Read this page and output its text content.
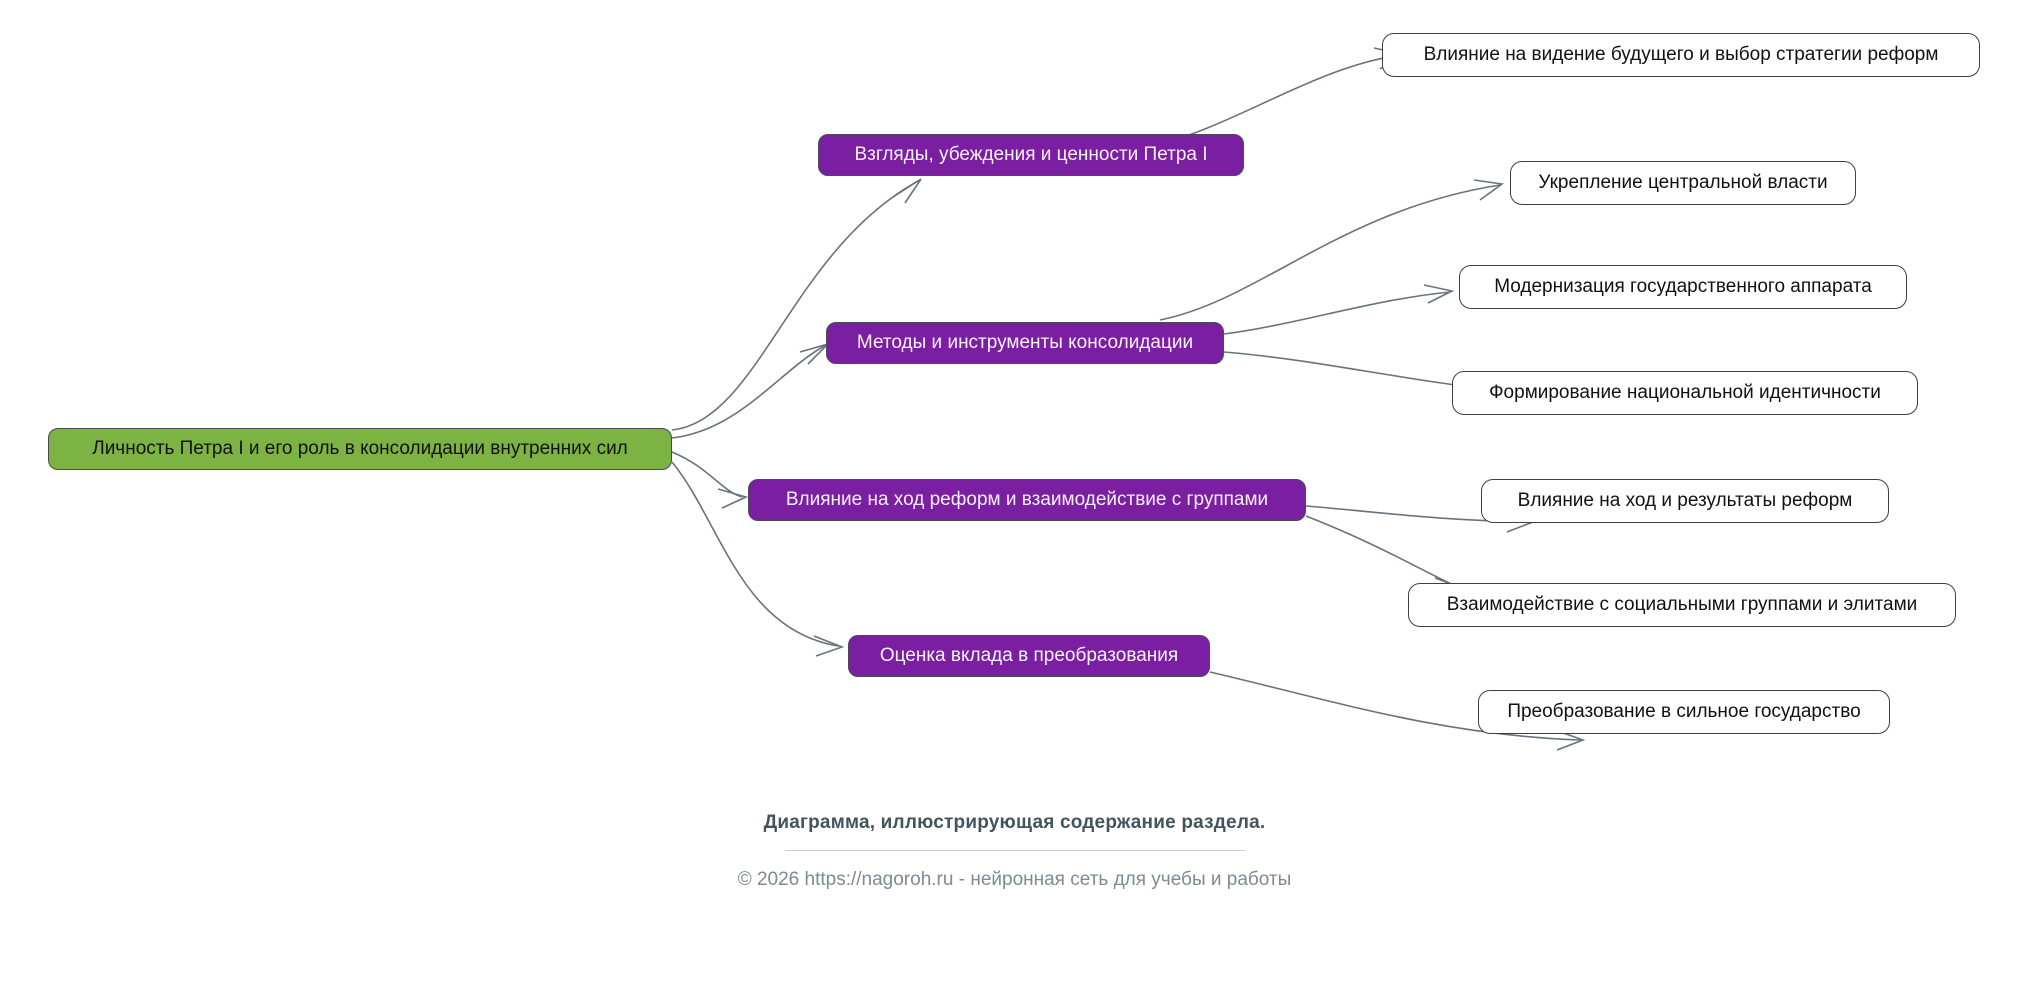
Личность Петра I и его роль в консолидации внутренних сил
Взгляды, убеждения и ценности Петра I
Методы и инструменты консолидации
Влияние на ход реформ и взаимодействие с группами
Оценка вклада в преобразования
Влияние на видение будущего и выбор стратегии реформ
Укрепление центральной власти
Модернизация государственного аппарата
Формирование национальной идентичности
Влияние на ход и результаты реформ
Взаимодействие с социальными группами и элитами
Преобразование в сильное государство
Диаграмма, иллюстрирующая содержание раздела.
© 2026 https://nagoroh.ru - нейронная сеть для учебы и работы
